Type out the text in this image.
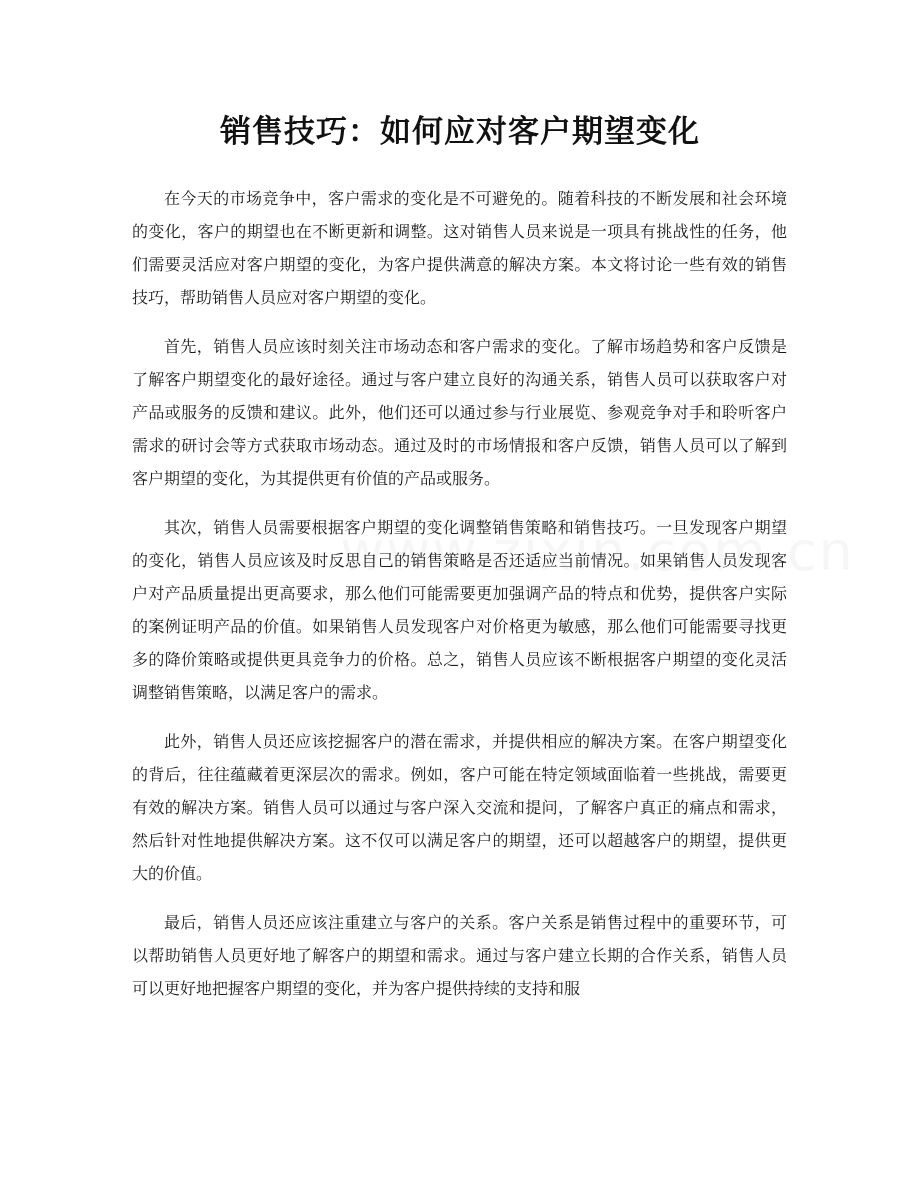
销售技巧：如何应对客户期望变化

在今天的市场竞争中，客户需求的变化是不可避免的。随着科技的不断发展和社会环境的变化，客户的期望也在不断更新和调整。这对销售人员来说是一项具有挑战性的任务，他们需要灵活应对客户期望的变化，为客户提供满意的解决方案。本文将讨论一些有效的销售技巧，帮助销售人员应对客户期望的变化。

首先，销售人员应该时刻关注市场动态和客户需求的变化。了解市场趋势和客户反馈是了解客户期望变化的最好途径。通过与客户建立良好的沟通关系，销售人员可以获取客户对产品或服务的反馈和建议。此外，他们还可以通过参与行业展览、参观竞争对手和聆听客户需求的研讨会等方式获取市场动态。通过及时的市场情报和客户反馈，销售人员可以了解到客户期望的变化，为其提供更有价值的产品或服务。

其次，销售人员需要根据客户期望的变化调整销售策略和销售技巧。一旦发现客户期望的变化，销售人员应该及时反思自己的销售策略是否还适应当前情况。如果销售人员发现客户对产品质量提出更高要求，那么他们可能需要更加强调产品的特点和优势，提供客户实际的案例证明产品的价值。如果销售人员发现客户对价格更为敏感，那么他们可能需要寻找更多的降价策略或提供更具竞争力的价格。总之，销售人员应该不断根据客户期望的变化灵活调整销售策略，以满足客户的需求。

此外，销售人员还应该挖掘客户的潜在需求，并提供相应的解决方案。在客户期望变化的背后，往往蕴藏着更深层次的需求。例如，客户可能在特定领域面临着一些挑战，需要更有效的解决方案。销售人员可以通过与客户深入交流和提问，了解客户真正的痛点和需求，然后针对性地提供解决方案。这不仅可以满足客户的期望，还可以超越客户的期望，提供更大的价值。

最后，销售人员还应该注重建立与客户的关系。客户关系是销售过程中的重要环节，可以帮助销售人员更好地了解客户的期望和需求。通过与客户建立长期的合作关系，销售人员可以更好地把握客户期望的变化，并为客户提供持续的支持和服
